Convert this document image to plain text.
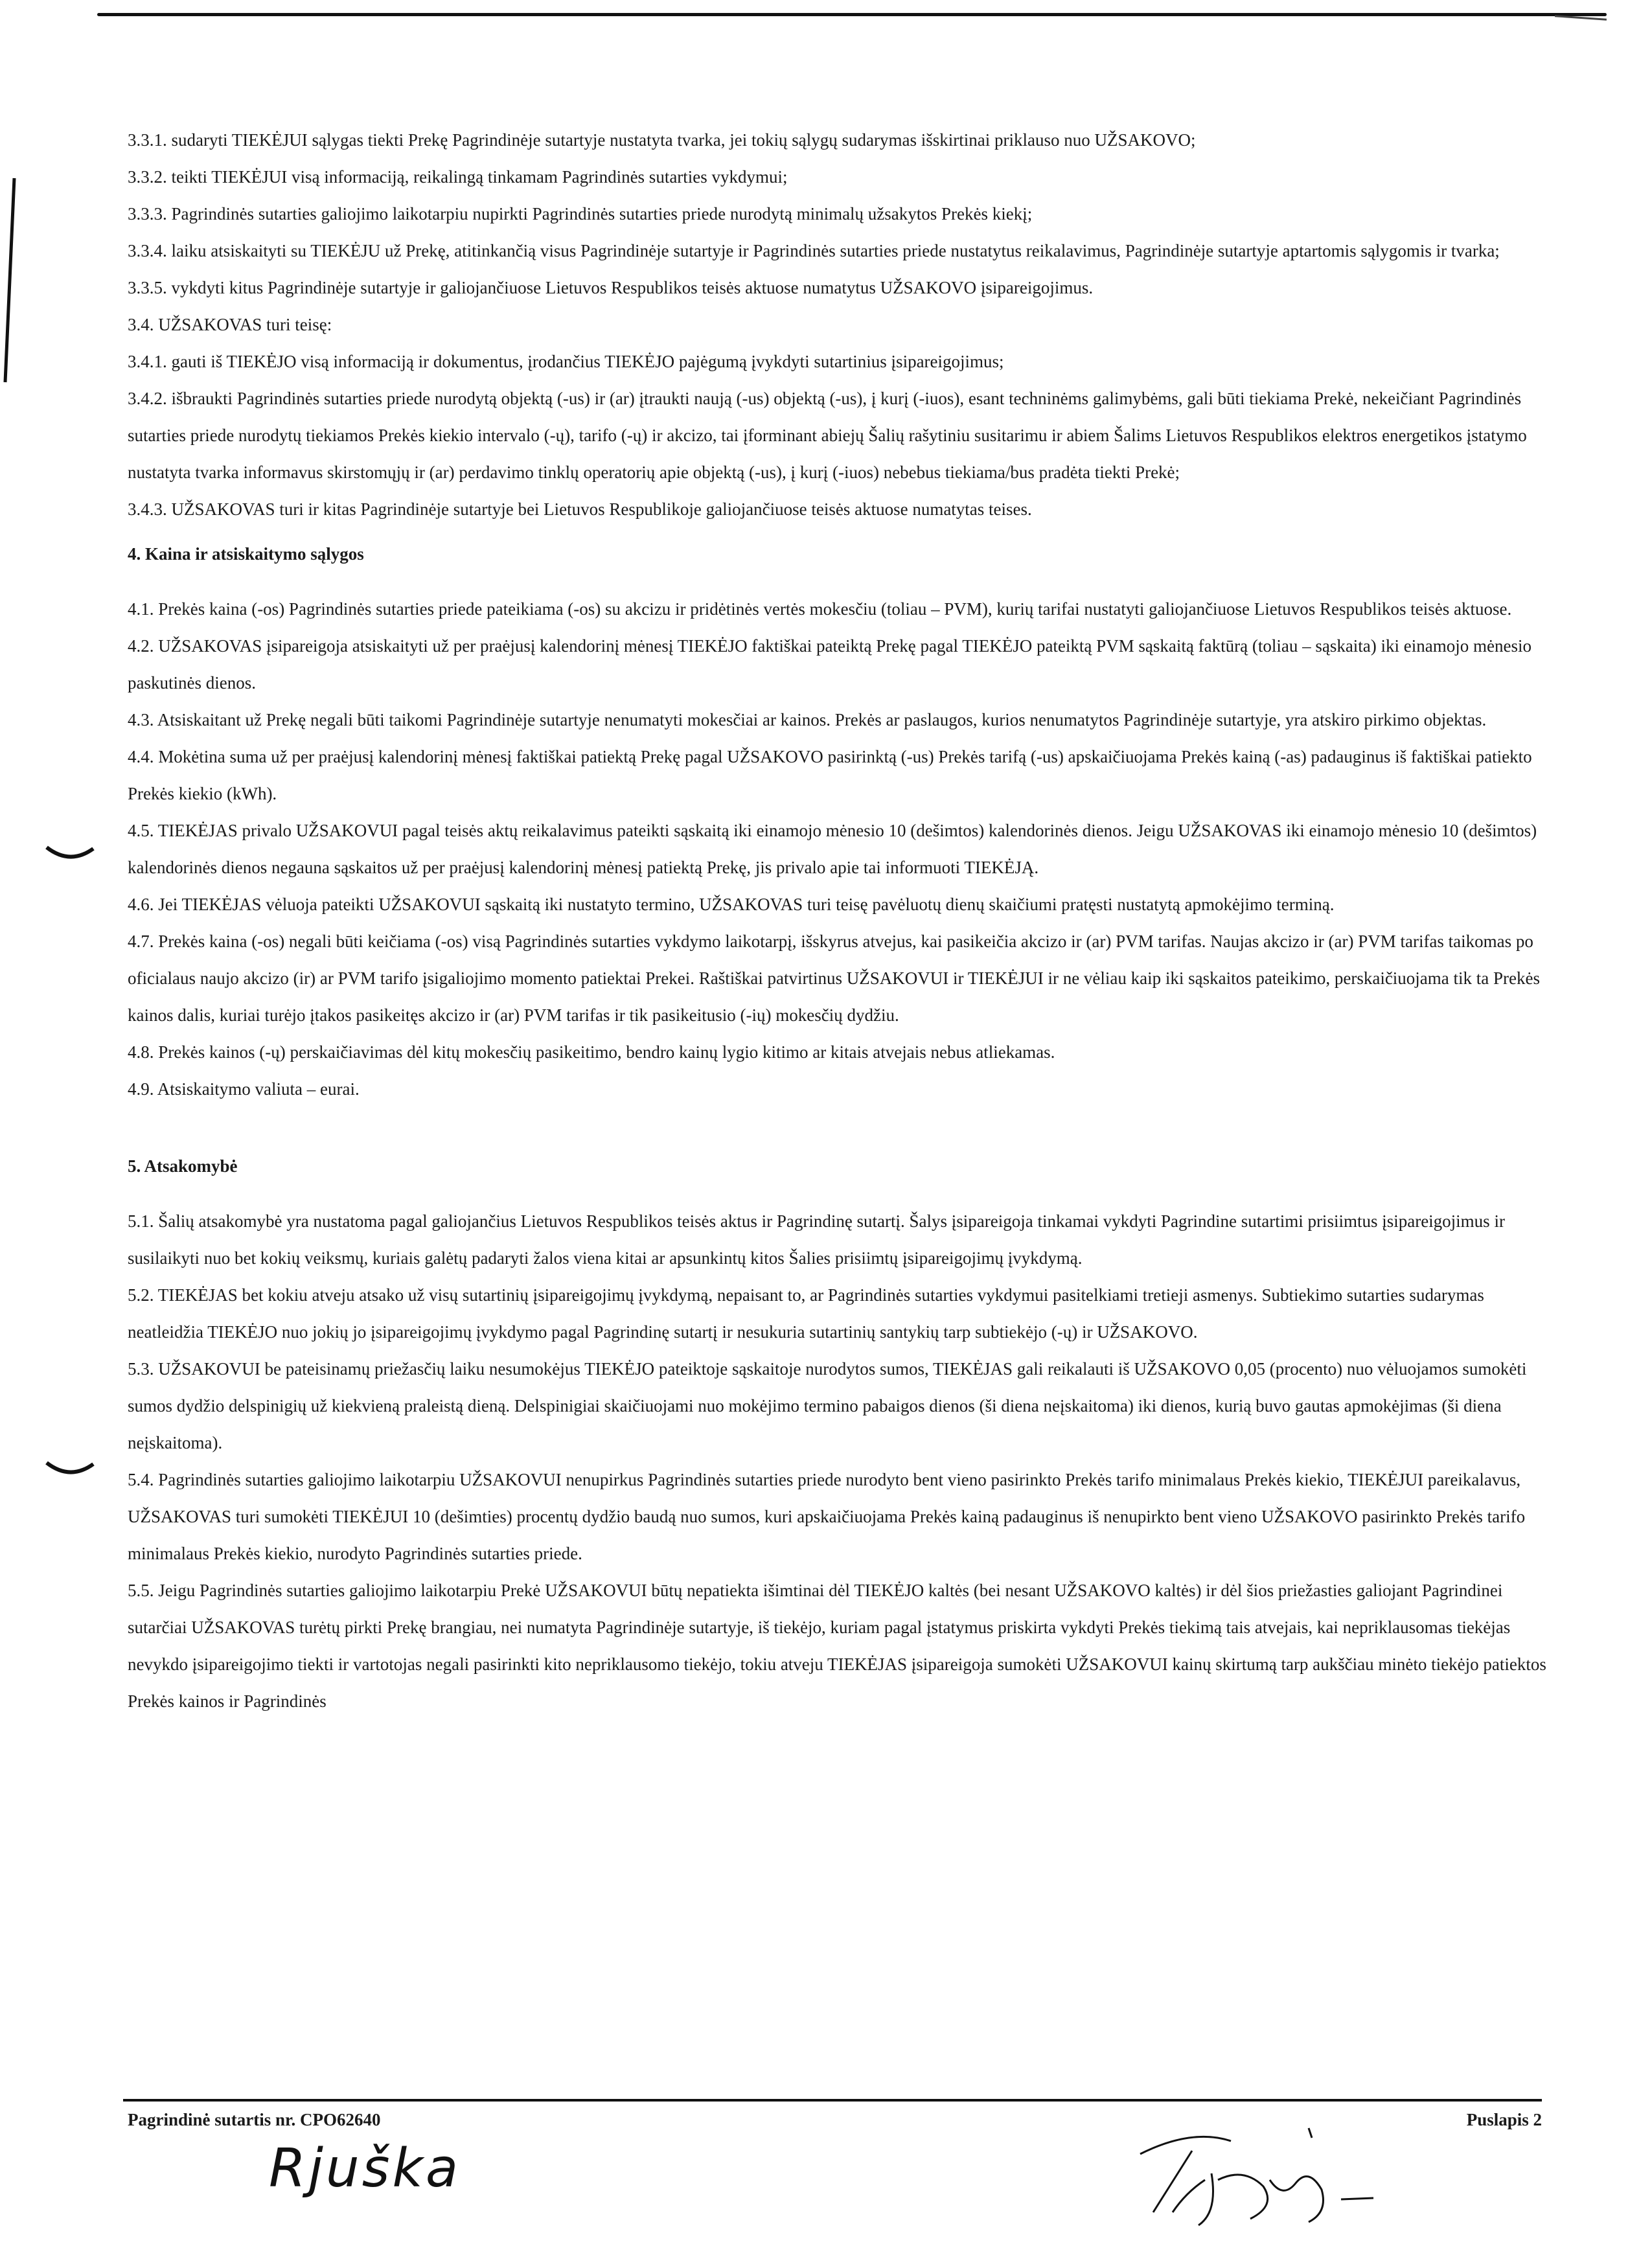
3.3.1. sudaryti TIEKĖJUI sąlygas tiekti Prekę Pagrindinėje sutartyje nustatyta tvarka, jei tokių sąlygų sudarymas išskirtinai priklauso nuo UŽSAKOVO;

3.3.2. teikti TIEKĖJUI visą informaciją, reikalingą tinkamam Pagrindinės sutarties vykdymui;

3.3.3. Pagrindinės sutarties galiojimo laikotarpiu nupirkti Pagrindinės sutarties priede nurodytą minimalų užsakytos Prekės kiekį;

3.3.4. laiku atsiskaityti su TIEKĖJU už Prekę, atitinkančią visus Pagrindinėje sutartyje ir Pagrindinės sutarties priede nustatytus reikalavimus, Pagrindinėje sutartyje aptartomis sąlygomis ir tvarka;

3.3.5. vykdyti kitus Pagrindinėje sutartyje ir galiojančiuose Lietuvos Respublikos teisės aktuose numatytus UŽSAKOVO įsipareigojimus.

3.4. UŽSAKOVAS turi teisę:

3.4.1. gauti iš TIEKĖJO visą informaciją ir dokumentus, įrodančius TIEKĖJO pajėgumą įvykdyti sutartinius įsipareigojimus;

3.4.2. išbraukti Pagrindinės sutarties priede nurodytą objektą (-us) ir (ar) įtraukti naują (-us) objektą (-us), į kurį (-iuos), esant techninėms galimybėms, gali būti tiekiama Prekė, nekeičiant Pagrindinės sutarties priede nurodytų tiekiamos Prekės kiekio intervalo (-ų), tarifo (-ų) ir akcizo, tai įforminant abiejų Šalių rašytiniu susitarimu ir abiem Šalims Lietuvos Respublikos elektros energetikos įstatymo nustatyta tvarka informavus skirstomųjų ir (ar) perdavimo tinklų operatorių apie objektą (-us), į kurį (-iuos) nebebus tiekiama/bus pradėta tiekti Prekė;

3.4.3. UŽSAKOVAS turi ir kitas Pagrindinėje sutartyje bei Lietuvos Respublikoje galiojančiuose teisės aktuose numatytas teises.

4. Kaina ir atsiskaitymo sąlygos

4.1. Prekės kaina (-os) Pagrindinės sutarties priede pateikiama (-os) su akcizu ir pridėtinės vertės mokesčiu (toliau – PVM), kurių tarifai nustatyti galiojančiuose Lietuvos Respublikos teisės aktuose.

4.2. UŽSAKOVAS įsipareigoja atsiskaityti už per praėjusį kalendorinį mėnesį TIEKĖJO faktiškai pateiktą Prekę pagal TIEKĖJO pateiktą PVM sąskaitą faktūrą (toliau – sąskaita) iki einamojo mėnesio paskutinės dienos.

4.3. Atsiskaitant už Prekę negali būti taikomi Pagrindinėje sutartyje nenumatyti mokesčiai ar kainos. Prekės ar paslaugos, kurios nenumatytos Pagrindinėje sutartyje, yra atskiro pirkimo objektas.

4.4. Mokėtina suma už per praėjusį kalendorinį mėnesį faktiškai patiektą Prekę pagal UŽSAKOVO pasirinktą (-us) Prekės tarifą (-us) apskaičiuojama Prekės kainą (-as) padauginus iš faktiškai patiekto Prekės kiekio (kWh).

4.5. TIEKĖJAS privalo UŽSAKOVUI pagal teisės aktų reikalavimus pateikti sąskaitą iki einamojo mėnesio 10 (dešimtos) kalendorinės dienos. Jeigu UŽSAKOVAS iki einamojo mėnesio 10 (dešimtos) kalendorinės dienos negauna sąskaitos už per praėjusį kalendorinį mėnesį patiektą Prekę, jis privalo apie tai informuoti TIEKĖJĄ.

4.6. Jei TIEKĖJAS vėluoja pateikti UŽSAKOVUI sąskaitą iki nustatyto termino, UŽSAKOVAS turi teisę pavėluotų dienų skaičiumi pratęsti nustatytą apmokėjimo terminą.

4.7. Prekės kaina (-os) negali būti keičiama (-os) visą Pagrindinės sutarties vykdymo laikotarpį, išskyrus atvejus, kai pasikeičia akcizo ir (ar) PVM tarifas. Naujas akcizo ir (ar) PVM tarifas taikomas po oficialaus naujo akcizo (ir) ar PVM tarifo įsigaliojimo momento patiektai Prekei. Raštiškai patvirtinus UŽSAKOVUI ir TIEKĖJUI ir ne vėliau kaip iki sąskaitos pateikimo, perskaičiuojama tik ta Prekės kainos dalis, kuriai turėjo įtakos pasikeitęs akcizo ir (ar) PVM tarifas ir tik pasikeitusio (-ių) mokesčių dydžiu.

4.8. Prekės kainos (-ų) perskaičiavimas dėl kitų mokesčių pasikeitimo, bendro kainų lygio kitimo ar kitais atvejais nebus atliekamas.

4.9. Atsiskaitymo valiuta – eurai.

5. Atsakomybė

5.1. Šalių atsakomybė yra nustatoma pagal galiojančius Lietuvos Respublikos teisės aktus ir Pagrindinę sutartį. Šalys įsipareigoja tinkamai vykdyti Pagrindine sutartimi prisiimtus įsipareigojimus ir susilaikyti nuo bet kokių veiksmų, kuriais galėtų padaryti žalos viena kitai ar apsunkintų kitos Šalies prisiimtų įsipareigojimų įvykdymą.

5.2. TIEKĖJAS bet kokiu atveju atsako už visų sutartinių įsipareigojimų įvykdymą, nepaisant to, ar Pagrindinės sutarties vykdymui pasitelkiami tretieji asmenys. Subtiekimo sutarties sudarymas neatleidžia TIEKĖJO nuo jokių jo įsipareigojimų įvykdymo pagal Pagrindinę sutartį ir nesukuria sutartinių santykių tarp subtiekėjo (-ų) ir UŽSAKOVO.

5.3. UŽSAKOVUI be pateisinamų priežasčių laiku nesumokėjus TIEKĖJO pateiktoje sąskaitoje nurodytos sumos, TIEKĖJAS gali reikalauti iš UŽSAKOVO 0,05 (procento) nuo vėluojamos sumokėti sumos dydžio delspinigių už kiekvieną praleistą dieną. Delspinigiai skaičiuojami nuo mokėjimo termino pabaigos dienos (ši diena neįskaitoma) iki dienos, kurią buvo gautas apmokėjimas (ši diena neįskaitoma).

5.4. Pagrindinės sutarties galiojimo laikotarpiu UŽSAKOVUI nenupirkus Pagrindinės sutarties priede nurodyto bent vieno pasirinkto Prekės tarifo minimalaus Prekės kiekio, TIEKĖJUI pareikalavus, UŽSAKOVAS turi sumokėti TIEKĖJUI 10 (dešimties) procentų dydžio baudą nuo sumos, kuri apskaičiuojama Prekės kainą padauginus iš nenupirkto bent vieno UŽSAKOVO pasirinkto Prekės tarifo minimalaus Prekės kiekio, nurodyto Pagrindinės sutarties priede.

5.5. Jeigu Pagrindinės sutarties galiojimo laikotarpiu Prekė UŽSAKOVUI būtų nepatiekta išimtinai dėl TIEKĖJO kaltės (bei nesant UŽSAKOVO kaltės) ir dėl šios priežasties galiojant Pagrindinei sutarčiai UŽSAKOVAS turėtų pirkti Prekę brangiau, nei numatyta Pagrindinėje sutartyje, iš tiekėjo, kuriam pagal įstatymus priskirta vykdyti Prekės tiekimą tais atvejais, kai nepriklausomas tiekėjas nevykdo įsipareigojimo tiekti ir vartotojas negali pasirinkti kito nepriklausomo tiekėjo, tokiu atveju TIEKĖJAS įsipareigoja sumokėti UŽSAKOVUI kainų skirtumą tarp aukščiau minėto tiekėjo patiektos Prekės kainos ir Pagrindinės

Pagrindinė sutartis nr. CPO62640	Puslapis 2
Rjuška
